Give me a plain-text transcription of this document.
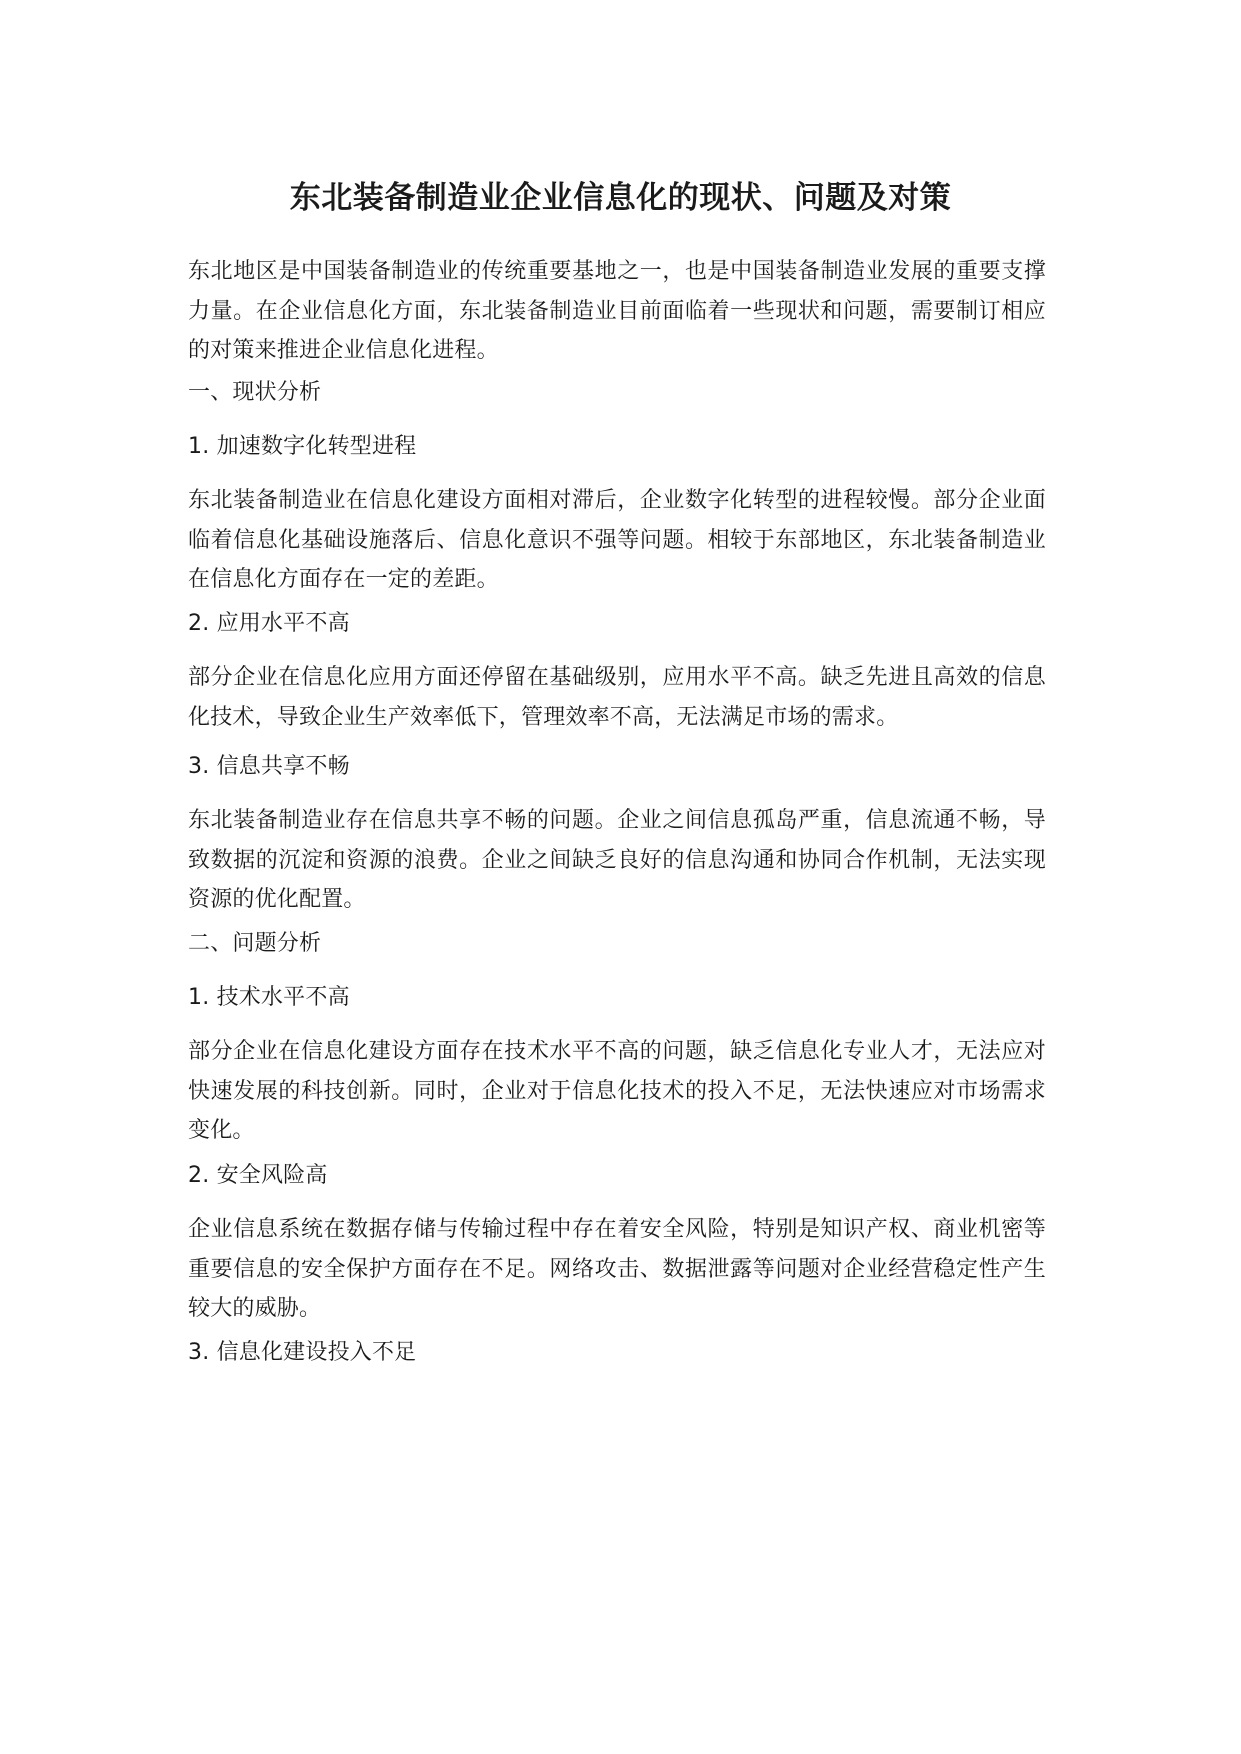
东北装备制造业企业信息化的现状、问题及对策

东北地区是中国装备制造业的传统重要基地之一，也是中国装备制造业发展的重要支撑力量。在企业信息化方面，东北装备制造业目前面临着一些现状和问题，需要制订相应的对策来推进企业信息化进程。

一、现状分析

1. 加速数字化转型进程

东北装备制造业在信息化建设方面相对滞后，企业数字化转型的进程较慢。部分企业面临着信息化基础设施落后、信息化意识不强等问题。相较于东部地区，东北装备制造业在信息化方面存在一定的差距。

2. 应用水平不高

部分企业在信息化应用方面还停留在基础级别，应用水平不高。缺乏先进且高效的信息化技术，导致企业生产效率低下，管理效率不高，无法满足市场的需求。

3. 信息共享不畅

东北装备制造业存在信息共享不畅的问题。企业之间信息孤岛严重，信息流通不畅，导致数据的沉淀和资源的浪费。企业之间缺乏良好的信息沟通和协同合作机制，无法实现资源的优化配置。

二、问题分析

1. 技术水平不高

部分企业在信息化建设方面存在技术水平不高的问题，缺乏信息化专业人才，无法应对快速发展的科技创新。同时，企业对于信息化技术的投入不足，无法快速应对市场需求变化。

2. 安全风险高

企业信息系统在数据存储与传输过程中存在着安全风险，特别是知识产权、商业机密等重要信息的安全保护方面存在不足。网络攻击、数据泄露等问题对企业经营稳定性产生较大的威胁。

3. 信息化建设投入不足
